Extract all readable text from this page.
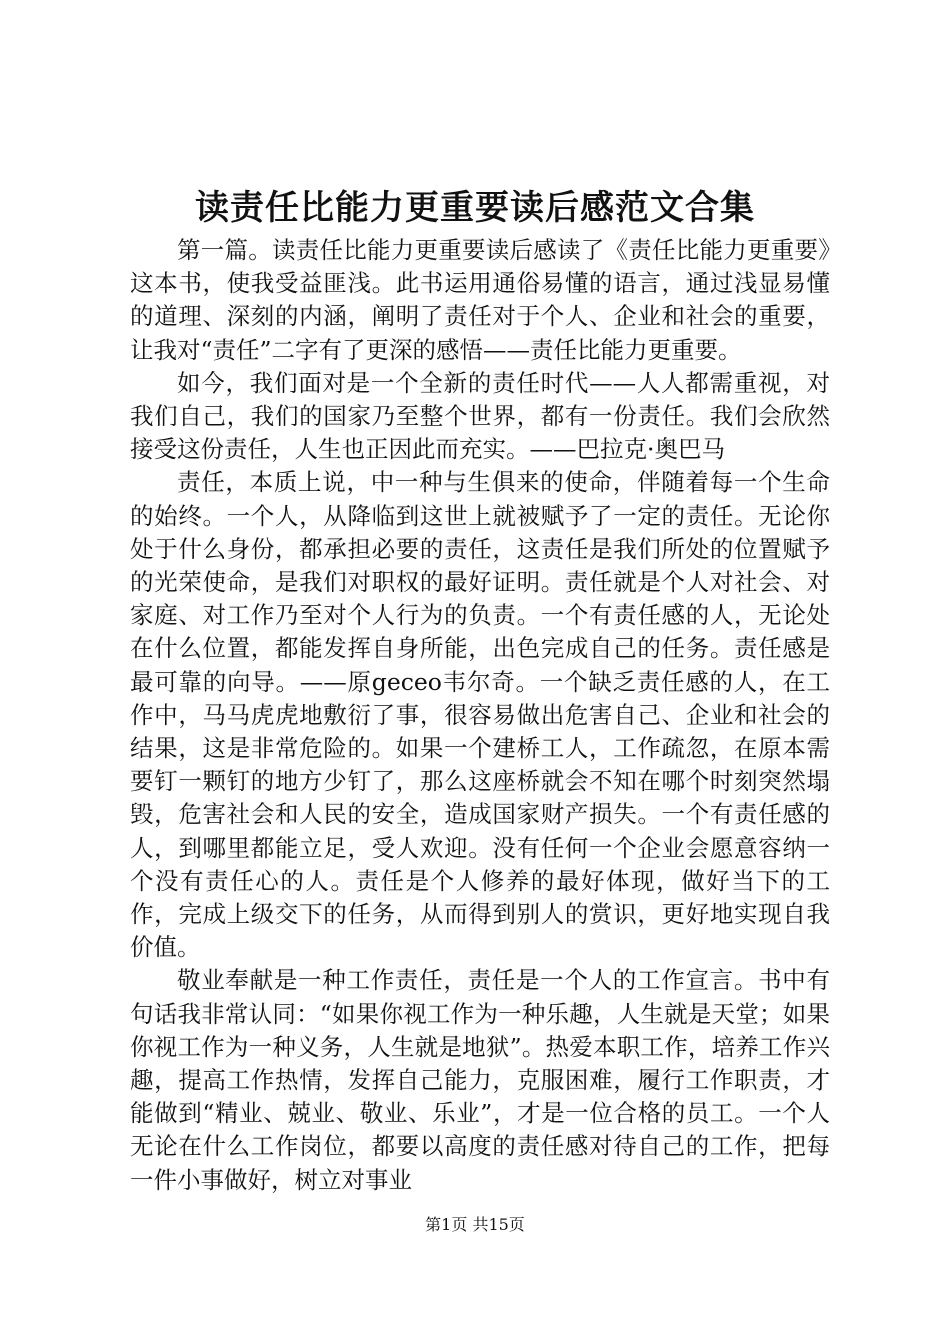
读责任比能力更重要读后感范文合集

第一篇。读责任比能力更重要读后感读了《责任比能力更重要》这本书，使我受益匪浅。此书运用通俗易懂的语言，通过浅显易懂的道理、深刻的内涵，阐明了责任对于个人、企业和社会的重要，让我对“责任”二字有了更深的感悟——责任比能力更重要。

如今，我们面对是一个全新的责任时代——人人都需重视，对我们自己，我们的国家乃至整个世界，都有一份责任。我们会欣然接受这份责任，人生也正因此而充实。——巴拉克·奥巴马

责任，本质上说，中一种与生俱来的使命，伴随着每一个生命的始终。一个人，从降临到这世上就被赋予了一定的责任。无论你处于什么身份，都承担必要的责任，这责任是我们所处的位置赋予的光荣使命，是我们对职权的最好证明。责任就是个人对社会、对家庭、对工作乃至对个人行为的负责。一个有责任感的人，无论处在什么位置，都能发挥自身所能，出色完成自己的任务。责任感是最可靠的向导。——原geceo韦尔奇。一个缺乏责任感的人，在工作中，马马虎虎地敷衍了事，很容易做出危害自己、企业和社会的结果，这是非常危险的。如果一个建桥工人，工作疏忽，在原本需要钉一颗钉的地方少钉了，那么这座桥就会不知在哪个时刻突然塌毁，危害社会和人民的安全，造成国家财产损失。一个有责任感的人，到哪里都能立足，受人欢迎。没有任何一个企业会愿意容纳一个没有责任心的人。责任是个人修养的最好体现，做好当下的工作，完成上级交下的任务，从而得到别人的赏识，更好地实现自我价值。

敬业奉献是一种工作责任，责任是一个人的工作宣言。书中有句话我非常认同：“如果你视工作为一种乐趣，人生就是天堂；如果你视工作为一种义务，人生就是地狱”。热爱本职工作，培养工作兴趣，提高工作热情，发挥自己能力，克服困难，履行工作职责，才能做到“精业、兢业、敬业、乐业”，才是一位合格的员工。一个人无论在什么工作岗位，都要以高度的责任感对待自己的工作，把每一件小事做好，树立对事业

第1页 共15页
